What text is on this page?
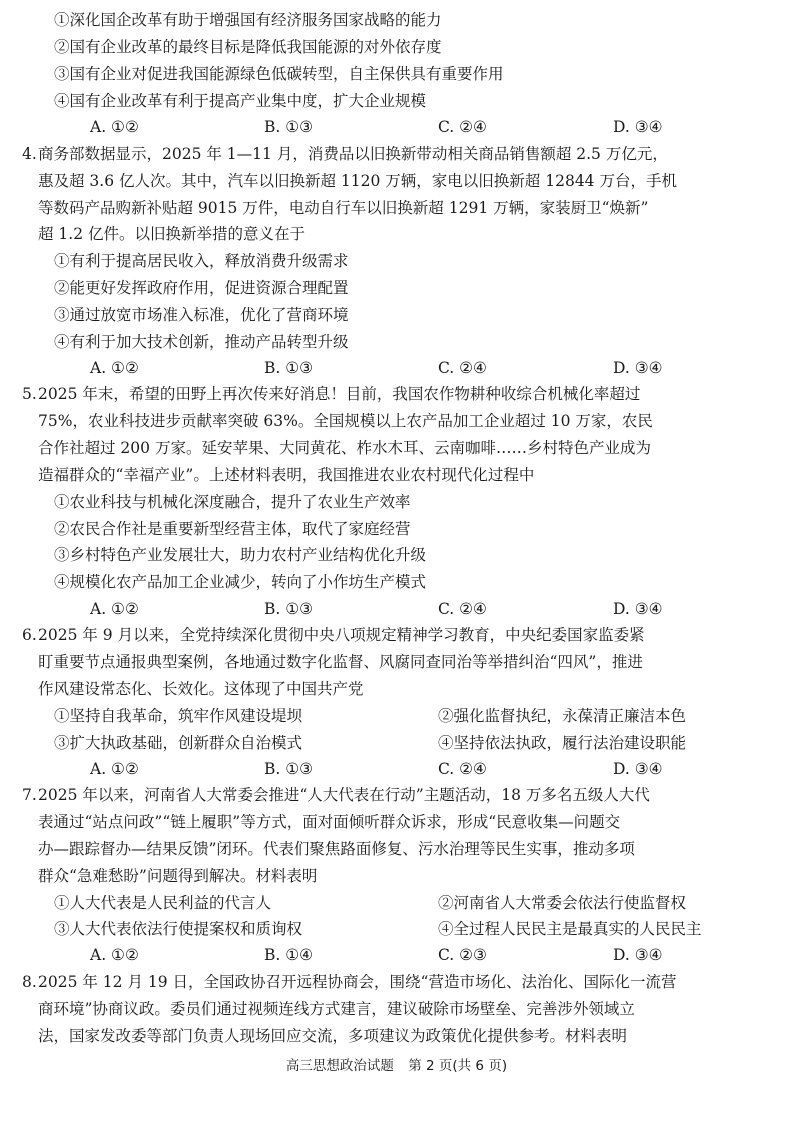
①深化国企改革有助于增强国有经济服务国家战略的能力
②国有企业改革的最终目标是降低我国能源的对外依存度
③国有企业对促进我国能源绿色低碳转型，自主保供具有重要作用
④国有企业改革有利于提高产业集中度，扩大企业规模
A. ①②	B. ①③	C. ②④	D. ③④
4. 商务部数据显示，2025 年 1—11 月，消费品以旧换新带动相关商品销售额超 2.5 万亿元，
惠及超 3.6 亿人次。其中，汽车以旧换新超 1120 万辆，家电以旧换新超 12844 万台，手机
等数码产品购新补贴超 9015 万件，电动自行车以旧换新超 1291 万辆，家装厨卫“焕新”
超 1.2 亿件。以旧换新举措的意义在于
①有利于提高居民收入，释放消费升级需求
②能更好发挥政府作用，促进资源合理配置
③通过放宽市场准入标准，优化了营商环境
④有利于加大技术创新，推动产品转型升级
A. ①②	B. ①③	C. ②④	D. ③④
5. 2025 年末，希望的田野上再次传来好消息！目前，我国农作物耕种收综合机械化率超过
75%，农业科技进步贡献率突破 63%。全国规模以上农产品加工企业超过 10 万家，农民
合作社超过 200 万家。延安苹果、大同黄花、柞水木耳、云南咖啡……乡村特色产业成为
造福群众的“幸福产业”。上述材料表明，我国推进农业农村现代化过程中
①农业科技与机械化深度融合，提升了农业生产效率
②农民合作社是重要新型经营主体，取代了家庭经营
③乡村特色产业发展壮大，助力农村产业结构优化升级
④规模化农产品加工企业减少，转向了小作坊生产模式
A. ①②	B. ①③	C. ②④	D. ③④
6. 2025 年 9 月以来，全党持续深化贯彻中央八项规定精神学习教育，中央纪委国家监委紧
盯重要节点通报典型案例，各地通过数字化监督、风腐同查同治等举措纠治“四风”，推进
作风建设常态化、长效化。这体现了中国共产党
①坚持自我革命，筑牢作风建设堤坝	②强化监督执纪，永葆清正廉洁本色
③扩大执政基础，创新群众自治模式	④坚持依法执政，履行法治建设职能
A. ①②	B. ①③	C. ②④	D. ③④
7. 2025 年以来，河南省人大常委会推进“人大代表在行动”主题活动，18 万多名五级人大代
表通过“站点问政”“链上履职”等方式，面对面倾听群众诉求，形成“民意收集—问题交
办—跟踪督办—结果反馈”闭环。代表们聚焦路面修复、污水治理等民生实事，推动多项
群众“急难愁盼”问题得到解决。材料表明
①人大代表是人民利益的代言人	②河南省人大常委会依法行使监督权
③人大代表依法行使提案权和质询权	④全过程人民民主是最真实的人民民主
A. ①②	B. ①④	C. ②③	D. ③④
8. 2025 年 12 月 19 日，全国政协召开远程协商会，围绕“营造市场化、法治化、国际化一流营
商环境”协商议政。委员们通过视频连线方式建言，建议破除市场壁垒、完善涉外领域立
法，国家发改委等部门负责人现场回应交流，多项建议为政策优化提供参考。材料表明
高三思想政治试题 第 2 页(共 6 页)
